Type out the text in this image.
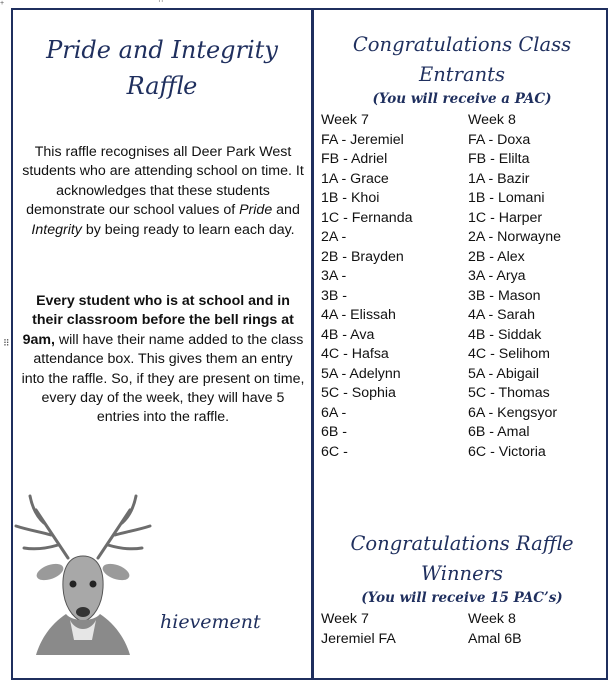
+	⋅⋅
⠿
Pride and Integrity Raffle
This raffle recognises all Deer Park West students who are attending school on time. It acknowledges that these students demonstrate our school values of Pride and Integrity by being ready to learn each day.
Every student who is at school and in their classroom before the bell rings at 9am, will have their name added to the class attendance box. This gives them an entry into the raffle. So, if they are present on time, every day of the week, they will have 5 entries into the raffle.
hievement
Congratulations Class Entrants
(You will receive a PAC)
Week 7
FA - Jeremiel
FB - Adriel
1A - Grace
1B - Khoi
1C - Fernanda
2A -
2B - Brayden
3A -
3B -
4A - Elissah
4B - Ava
4C - Hafsa
5A - Adelynn
5C - Sophia
6A -
6B -
6C -
Week 8
FA - Doxa
FB - Elilta
1A - Bazir
1B - Lomani
1C - Harper
2A - Norwayne
2B - Alex
3A - Arya
3B - Mason
4A - Sarah
4B - Siddak
4C - Selihom
5A - Abigail
5C - Thomas
6A - Kengsyor
6B - Amal
6C - Victoria
Congratulations Raffle Winners
(You will receive 15 PAC’s)
Week 7
Jeremiel FA
Week 8
Amal 6B
